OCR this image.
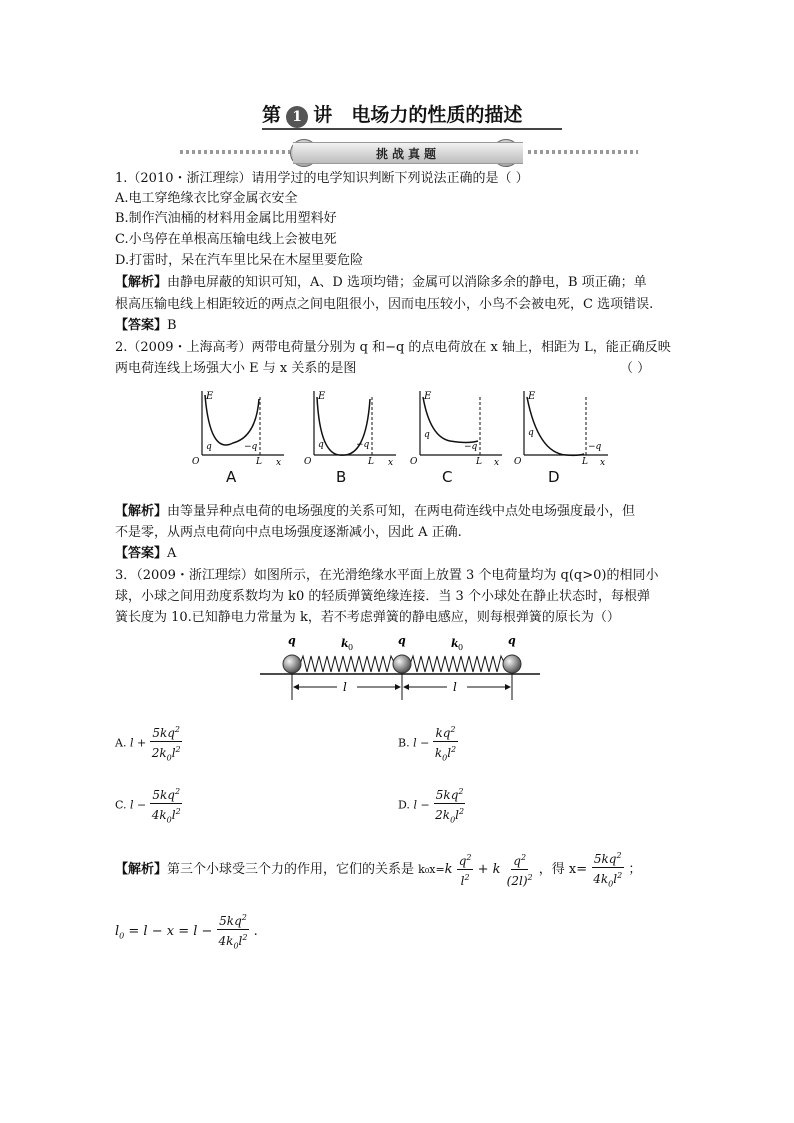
第 1 讲 电场力的性质的描述
挑战真题
1.（2010・浙江理综）请用学过的电学知识判断下列说法正确的是（ ）
A.电工穿绝缘衣比穿金属衣安全
B.制作汽油桶的材料用金属比用塑料好
C.小鸟停在单根高压输电线上会被电死
D.打雷时，呆在汽车里比呆在木屋里要危险
【解析】由静电屏蔽的知识可知，A、D 选项均错；金属可以消除多余的静电，B 项正确；单
根高压输电线上相距较近的两点之间电阻很小，因而电压较小，小鸟不会被电死，C 选项错误.
【答案】B
2.（2009・上海高考）两带电荷量分别为 q 和−q 的点电荷放在 x 轴上，相距为 L，能正确反映
两电荷连线上场强大小 E 与 x 关系的是图	（ ）
E
x
O	L
q	−q
A
E
x
O	L
q	−q
B
E
x
O	L
q
−q
C
E
x
O	L
q
−q
D
【解析】由等量异种点电荷的电场强度的关系可知，在两电荷连线中点处电场强度最小，但
不是零，从两点电荷向中点电场强度逐渐减小，因此 A 正确.
【答案】A
3．（2009・浙江理综）如图所示，在光滑绝缘水平面上放置 3 个电荷量均为 q(q>0)的相同小
球，小球之间用劲度系数均为 k0 的轻质弹簧绝缘连接．当 3 个小球处在静止状态时，每根弹
簧长度为 10.已知静电力常量为 k，若不考虑弹簧的静电感应，则每根弹簧的原长为（）
q	q	q
k 0	k 0
l	l
A. $l + \frac{5kq^2}{2k_0l^2}$	B. $l - \frac{kq^2}{k_0l^2}$
C. $l - \frac{5kq^2}{4k_0l^2}$	D. $l - \frac{5kq^2}{2k_0l^2}$
【解析】第三个小球受三个力的作用，它们的关系是 $k_0x=k \frac{q^2}{l^2} + k \frac{q^2}{(2l)^2}$ ，得 $x= \frac{5kq^2}{4k_0l^2}$ ；
$l_0 = l - x = l - \frac{5kq^2}{4k_0l^2}$ .
